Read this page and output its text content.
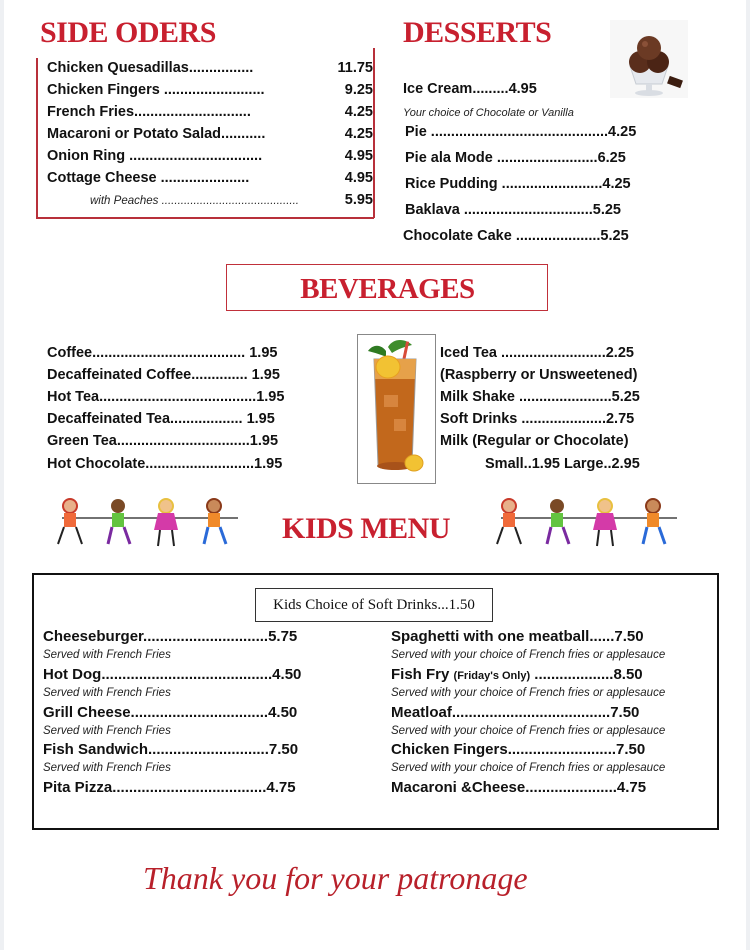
SIDE ODERS
Chicken Quesadillas................	11.75
Chicken Fingers .........................	9.25
French Fries.............................	4.25
Macaroni or Potato Salad...........	4.25
Onion Ring .................................	4.95
Cottage Cheese ......................	4.95
with Peaches ...........................................	5.95
DESSERTS
Ice Cream.........4.95
Your choice of Chocolate or Vanilla
Pie ............................................4.25
Pie ala Mode .........................6.25
Rice Pudding .........................4.25
Baklava ................................5.25
Chocolate Cake .....................5.25
BEVERAGES
Coffee...................................... 1.95
Decaffeinated Coffee.............. 1.95
Hot Tea.......................................1.95
Decaffeinated Tea.................. 1.95
Green Tea.................................1.95
Hot Chocolate...........................1.95
Iced Tea ..........................2.25
(Raspberry or Unsweetened)
Milk Shake .......................5.25
Soft Drinks .....................2.75
Milk (Regular or Chocolate)
Small..1.95 Large..2.95
KIDS MENU
Kids Choice of Soft Drinks...1.50
Cheeseburger..............................5.75
Served with French Fries
Hot Dog.........................................4.50
Served with French Fries
Grill Cheese.................................4.50
Served with French Fries
Fish Sandwich.............................7.50
Served with French Fries
Pita Pizza.....................................4.75
Spaghetti with one meatball......7.50
Served with your choice of French fries or applesauce
Fish Fry (Friday's Only) ...................8.50
Served with your choice of French fries or applesauce
Meatloaf......................................7.50
Served with your choice of French fries or applesauce
Chicken Fingers..........................7.50
Served with your choice of French fries or applesauce
Macaroni &Cheese......................4.75
Thank you for your patronage
